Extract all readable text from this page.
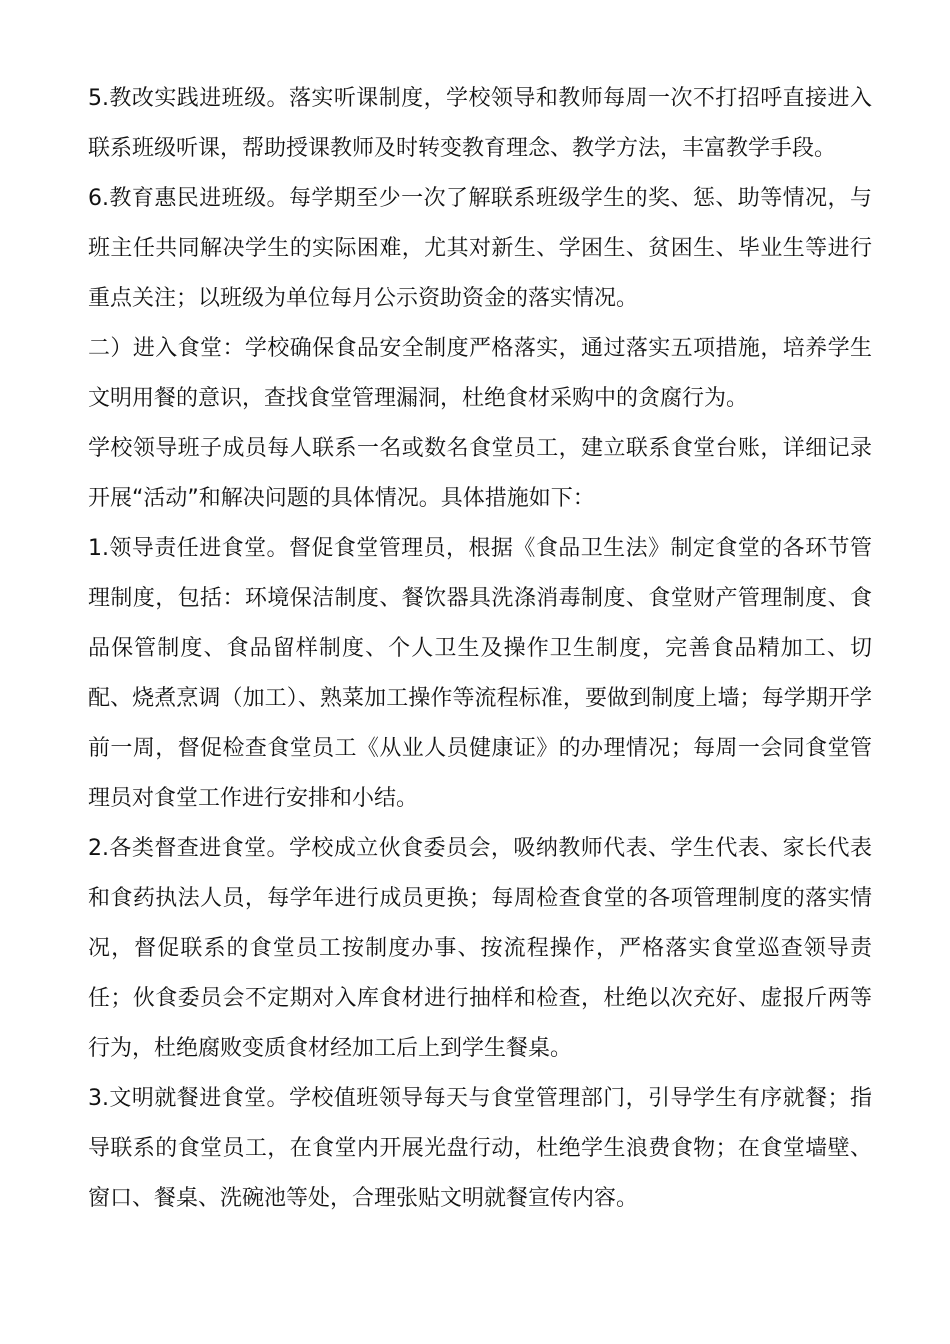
5.教改实践进班级。落实听课制度，学校领导和教师每周一次不打招呼直接进入联系班级听课，帮助授课教师及时转变教育理念、教学方法，丰富教学手段。

6.教育惠民进班级。每学期至少一次了解联系班级学生的奖、惩、助等情况，与班主任共同解决学生的实际困难，尤其对新生、学困生、贫困生、毕业生等进行重点关注；以班级为单位每月公示资助资金的落实情况。

二）进入食堂：学校确保食品安全制度严格落实，通过落实五项措施，培养学生文明用餐的意识，查找食堂管理漏洞，杜绝食材采购中的贪腐行为。

学校领导班子成员每人联系一名或数名食堂员工，建立联系食堂台账，详细记录开展“活动”和解决问题的具体情况。具体措施如下：

1.领导责任进食堂。督促食堂管理员，根据《食品卫生法》制定食堂的各环节管理制度，包括：环境保洁制度、餐饮器具洗涤消毒制度、食堂财产管理制度、食品保管制度、食品留样制度、个人卫生及操作卫生制度，完善食品精加工、切配、烧煮烹调（加工）、熟菜加工操作等流程标准，要做到制度上墙；每学期开学前一周，督促检查食堂员工《从业人员健康证》的办理情况；每周一会同食堂管理员对食堂工作进行安排和小结。

2.各类督查进食堂。学校成立伙食委员会，吸纳教师代表、学生代表、家长代表和食药执法人员，每学年进行成员更换；每周检查食堂的各项管理制度的落实情况，督促联系的食堂员工按制度办事、按流程操作，严格落实食堂巡查领导责任；伙食委员会不定期对入库食材进行抽样和检查，杜绝以次充好、虚报斤两等行为，杜绝腐败变质食材经加工后上到学生餐桌。

3.文明就餐进食堂。学校值班领导每天与食堂管理部门，引导学生有序就餐；指导联系的食堂员工，在食堂内开展光盘行动，杜绝学生浪费食物；在食堂墙壁、窗口、餐桌、洗碗池等处，合理张贴文明就餐宣传内容。
